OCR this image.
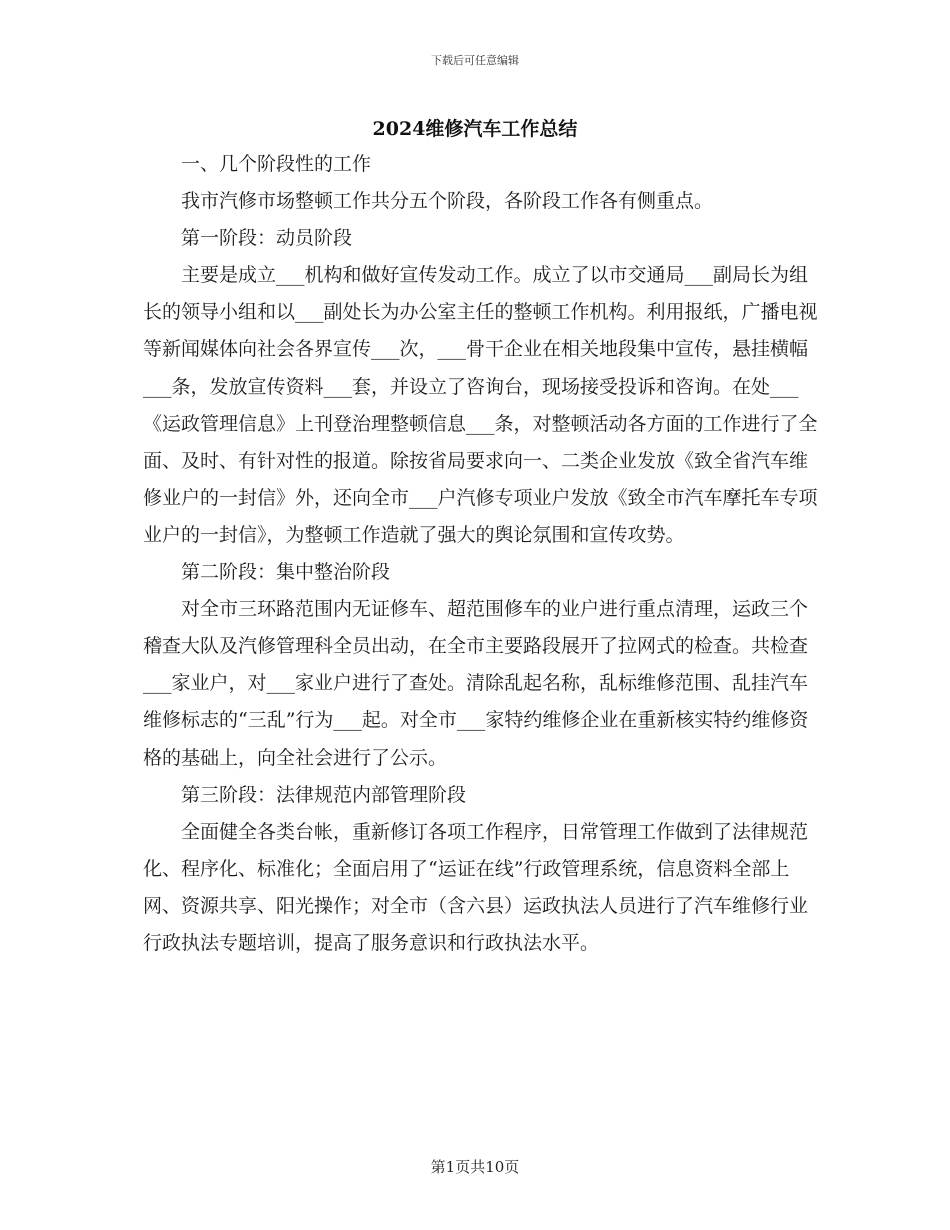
下载后可任意编辑
2024维修汽车工作总结

一、几个阶段性的工作

我市汽修市场整顿工作共分五个阶段，各阶段工作各有侧重点。

第一阶段：动员阶段

主要是成立___机构和做好宣传发动工作。成立了以市交通局___副局长为组长的领导小组和以___副处长为办公室主任的整顿工作机构。利用报纸，广播电视等新闻媒体向社会各界宣传___次，___骨干企业在相关地段集中宣传，悬挂横幅___条，发放宣传资料___套，并设立了咨询台，现场接受投诉和咨询。在处___《运政管理信息》上刊登治理整顿信息___条，对整顿活动各方面的工作进行了全面、及时、有针对性的报道。除按省局要求向一、二类企业发放《致全省汽车维修业户的一封信》外，还向全市___户汽修专项业户发放《致全市汽车摩托车专项业户的一封信》，为整顿工作造就了强大的舆论氛围和宣传攻势。

第二阶段：集中整治阶段

对全市三环路范围内无证修车、超范围修车的业户进行重点清理，运政三个稽查大队及汽修管理科全员出动，在全市主要路段展开了拉网式的检查。共检查___家业户，对___家业户进行了查处。清除乱起名称，乱标维修范围、乱挂汽车维修标志的“三乱”行为___起。对全市___家特约维修企业在重新核实特约维修资格的基础上，向全社会进行了公示。

第三阶段：法律规范内部管理阶段

全面健全各类台帐，重新修订各项工作程序，日常管理工作做到了法律规范化、程序化、标准化；全面启用了“运证在线”行政管理系统，信息资料全部上网、资源共享、阳光操作；对全市（含六县）运政执法人员进行了汽车维修行业行政执法专题培训，提高了服务意识和行政执法水平。

第1页共10页
